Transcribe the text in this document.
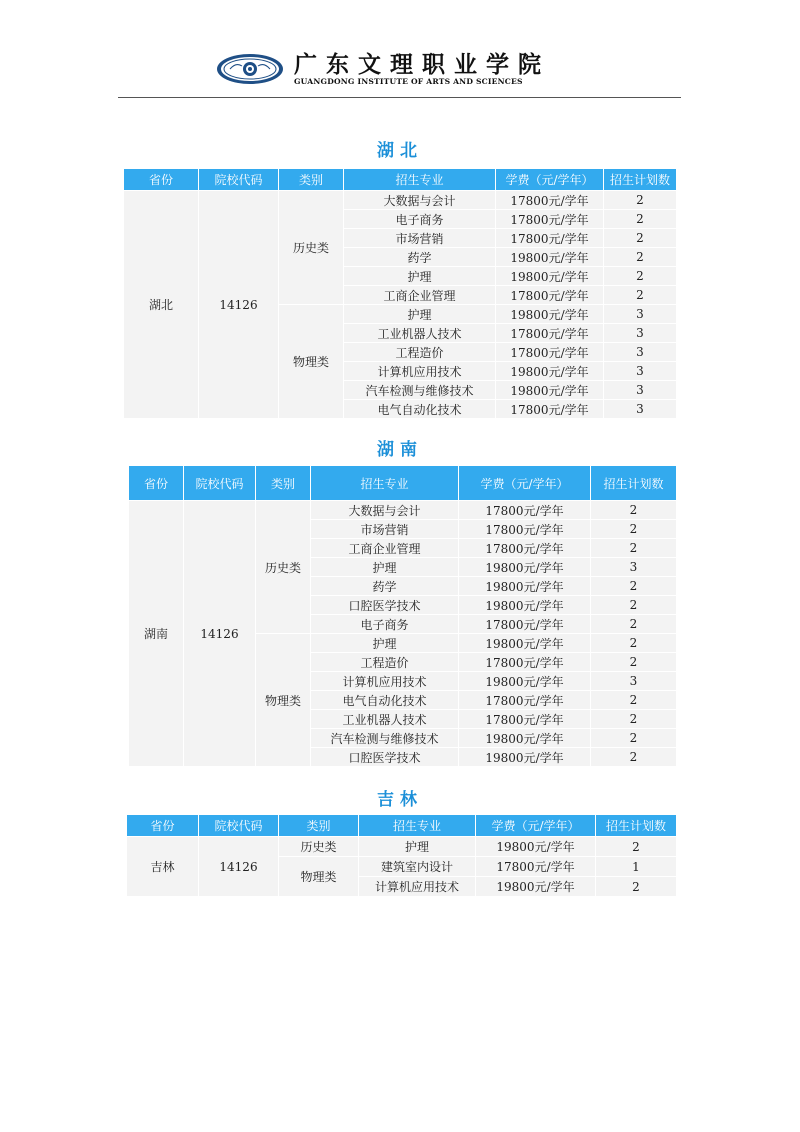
广东文理职业学院
GUANGDONG INSTITUTE OF ARTS AND SCIENCES
湖北
省份	院校代码	类别	招生专业	学费（元/学年）	招生计划数
湖北	14126	历史类	大数据与会计	17800元/学年	2
			电子商务	17800元/学年	2
			市场营销	17800元/学年	2
			药学	19800元/学年	2
			护理	19800元/学年	2
			工商企业管理	17800元/学年	2
		物理类	护理	19800元/学年	3
			工业机器人技术	17800元/学年	3
			工程造价	17800元/学年	3
			计算机应用技术	19800元/学年	3
			汽车检测与维修技术	19800元/学年	3
			电气自动化技术	17800元/学年	3
湖南
省份	院校代码	类别	招生专业	学费（元/学年）	招生计划数
湖南	14126	历史类	大数据与会计	17800元/学年	2
			市场营销	17800元/学年	2
			工商企业管理	17800元/学年	2
			护理	19800元/学年	3
			药学	19800元/学年	2
			口腔医学技术	19800元/学年	2
			电子商务	17800元/学年	2
		物理类	护理	19800元/学年	2
			工程造价	17800元/学年	2
			计算机应用技术	19800元/学年	3
			电气自动化技术	17800元/学年	2
			工业机器人技术	17800元/学年	2
			汽车检测与维修技术	19800元/学年	2
			口腔医学技术	19800元/学年	2
吉林
省份	院校代码	类别	招生专业	学费（元/学年）	招生计划数
吉林	14126	历史类	护理	19800元/学年	2
		物理类	建筑室内设计	17800元/学年	1
			计算机应用技术	19800元/学年	2
